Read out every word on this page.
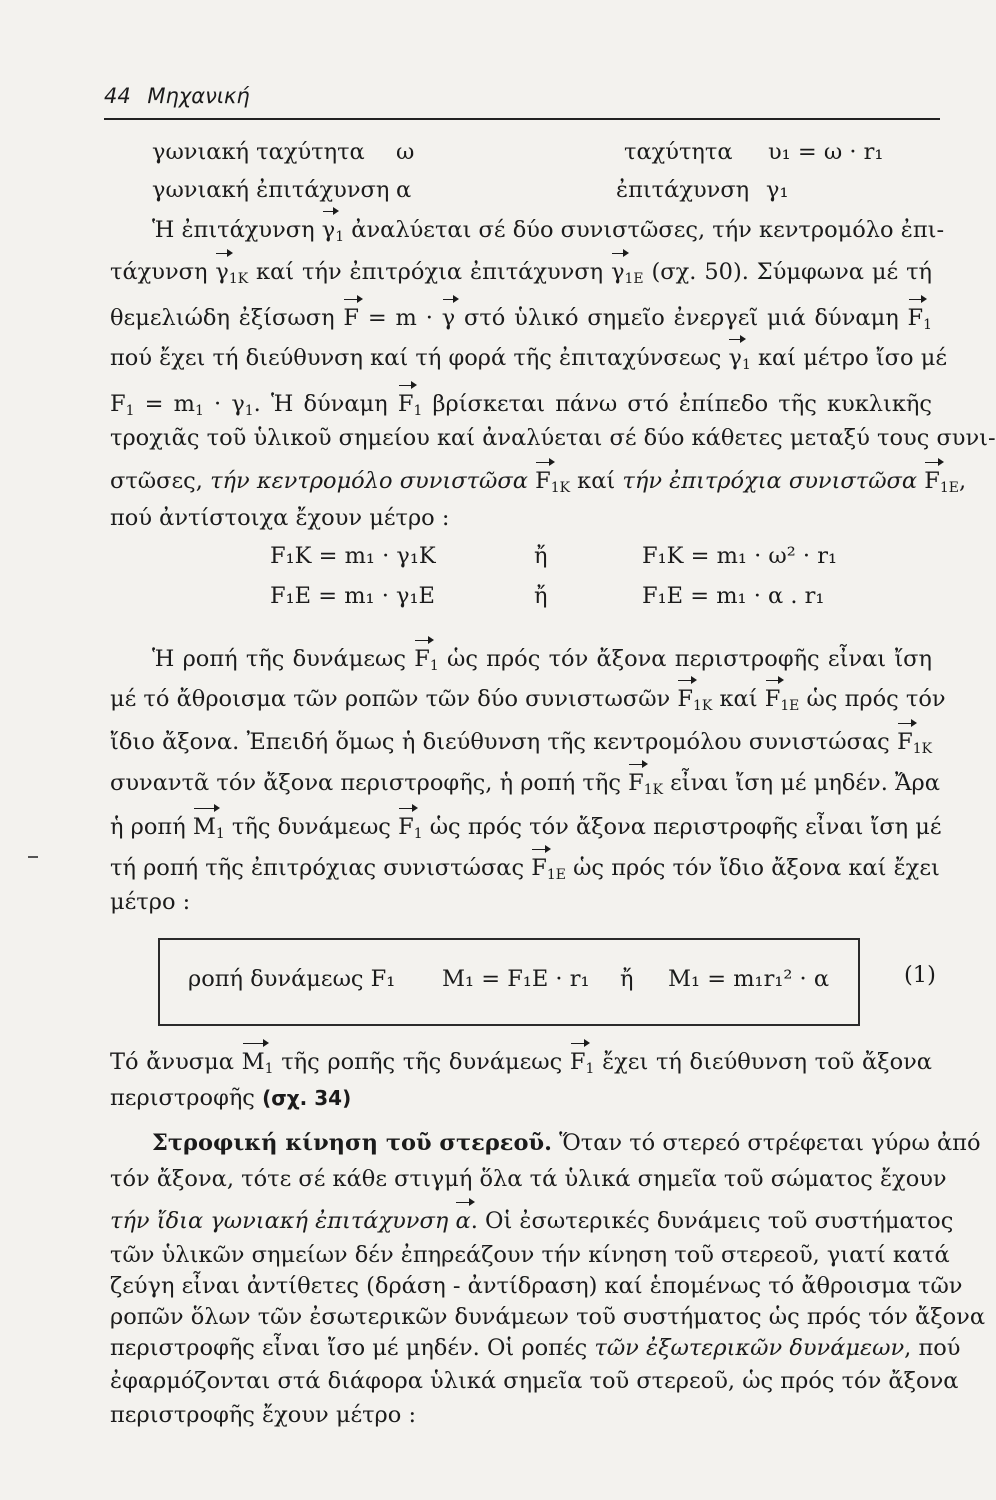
44 Μηχανική
γωνιακή ταχύτητα ω	ταχύτητα υ₁ = ω · r₁
γωνιακή ἐπιτάχυνση α	ἐπιτάχυνση γ₁
Ἡ ἐπιτάχυνση $\gamma_1$ ἀναλύεται σέ δύο συνιστῶσες, τήν κεντρομόλο ἐπι-
τάχυνση $\gamma_{1K}$ καί τήν ἐπιτρόχια ἐπιτάχυνση $\gamma_{1E}$ (σχ. 50). Σύμφωνα μέ τή
θεμελιώδη ἐξίσωση F = m · γ στό ὑλικό σημεῖο ἐνεργεῖ μιά δύναμη $F_1$
πού ἔχει τή διεύθυνση καί τή φορά τῆς ἐπιταχύνσεως $\gamma_1$ καί μέτρο ἴσο μέ
$F_1 = m_1 \cdot \gamma_1$. Ἡ δύναμη $F_1$ βρίσκεται πάνω στό ἐπίπεδο τῆς κυκλικῆς
τροχιᾶς τοῦ ὑλικοῦ σημείου καί ἀναλύεται σέ δύο κάθετες μεταξύ τους συνι-
στῶσες, τήν κεντρομόλο συνιστῶσα $F_{1K}$ καί τήν ἐπιτρόχια συνιστῶσα $F_{1E}$,
πού ἀντίστοιχα ἔχουν μέτρο :
F₁K = m₁ · γ₁K	ἤ	F₁K = m₁ · ω² · r₁
F₁E = m₁ · γ₁E	ἤ	F₁E = m₁ · α . r₁
Ἡ ροπή τῆς δυνάμεως $F_1$ ὡς πρός τόν ἄξονα περιστροφῆς εἶναι ἴση
μέ τό ἄθροισμα τῶν ροπῶν τῶν δύο συνιστωσῶν $F_{1K}$ καί $F_{1E}$ ὡς πρός τόν
ἴδιο ἄξονα. Ἐπειδή ὅμως ἡ διεύθυνση τῆς κεντρομόλου συνιστώσας $F_{1K}$
συναντᾶ τόν ἄξονα περιστροφῆς, ἡ ροπή τῆς $F_{1K}$ εἶναι ἴση μέ μηδέν. Ἄρα
ἡ ροπή $M_1$ τῆς δυνάμεως $F_1$ ὡς πρός τόν ἄξονα περιστροφῆς εἶναι ἴση μέ
τή ροπή τῆς ἐπιτρόχιας συνιστώσας $F_{1E}$ ὡς πρός τόν ἴδιο ἄξονα καί ἔχει
μέτρο :
ροπή δυνάμεως F₁ M₁ = F₁E · r₁ ἤ M₁ = m₁r₁² · α	(1)
Τό ἄνυσμα $M_1$ τῆς ροπῆς τῆς δυνάμεως $F_1$ ἔχει τή διεύθυνση τοῦ ἄξονα
περιστροφῆς (σχ. 34)
Στροφική κίνηση τοῦ στερεοῦ. Ὅταν τό στερεό στρέφεται γύρω ἀπό
τόν ἄξονα, τότε σέ κάθε στιγμή ὅλα τά ὑλικά σημεῖα τοῦ σώματος ἔχουν
τήν ἴδια γωνιακή ἐπιτάχυνση α. Οἱ ἐσωτερικές δυνάμεις τοῦ συστήματος
τῶν ὑλικῶν σημείων δέν ἐπηρεάζουν τήν κίνηση τοῦ στερεοῦ, γιατί κατά
ζεύγη εἶναι ἀντίθετες (δράση - ἀντίδραση) καί ἑπομένως τό ἄθροισμα τῶν
ροπῶν ὅλων τῶν ἐσωτερικῶν δυνάμεων τοῦ συστήματος ὡς πρός τόν ἄξονα
περιστροφῆς εἶναι ἴσο μέ μηδέν. Οἱ ροπές τῶν ἐξωτερικῶν δυνάμεων, πού
ἐφαρμόζονται στά διάφορα ὑλικά σημεῖα τοῦ στερεοῦ, ὡς πρός τόν ἄξονα
περιστροφῆς ἔχουν μέτρο :
